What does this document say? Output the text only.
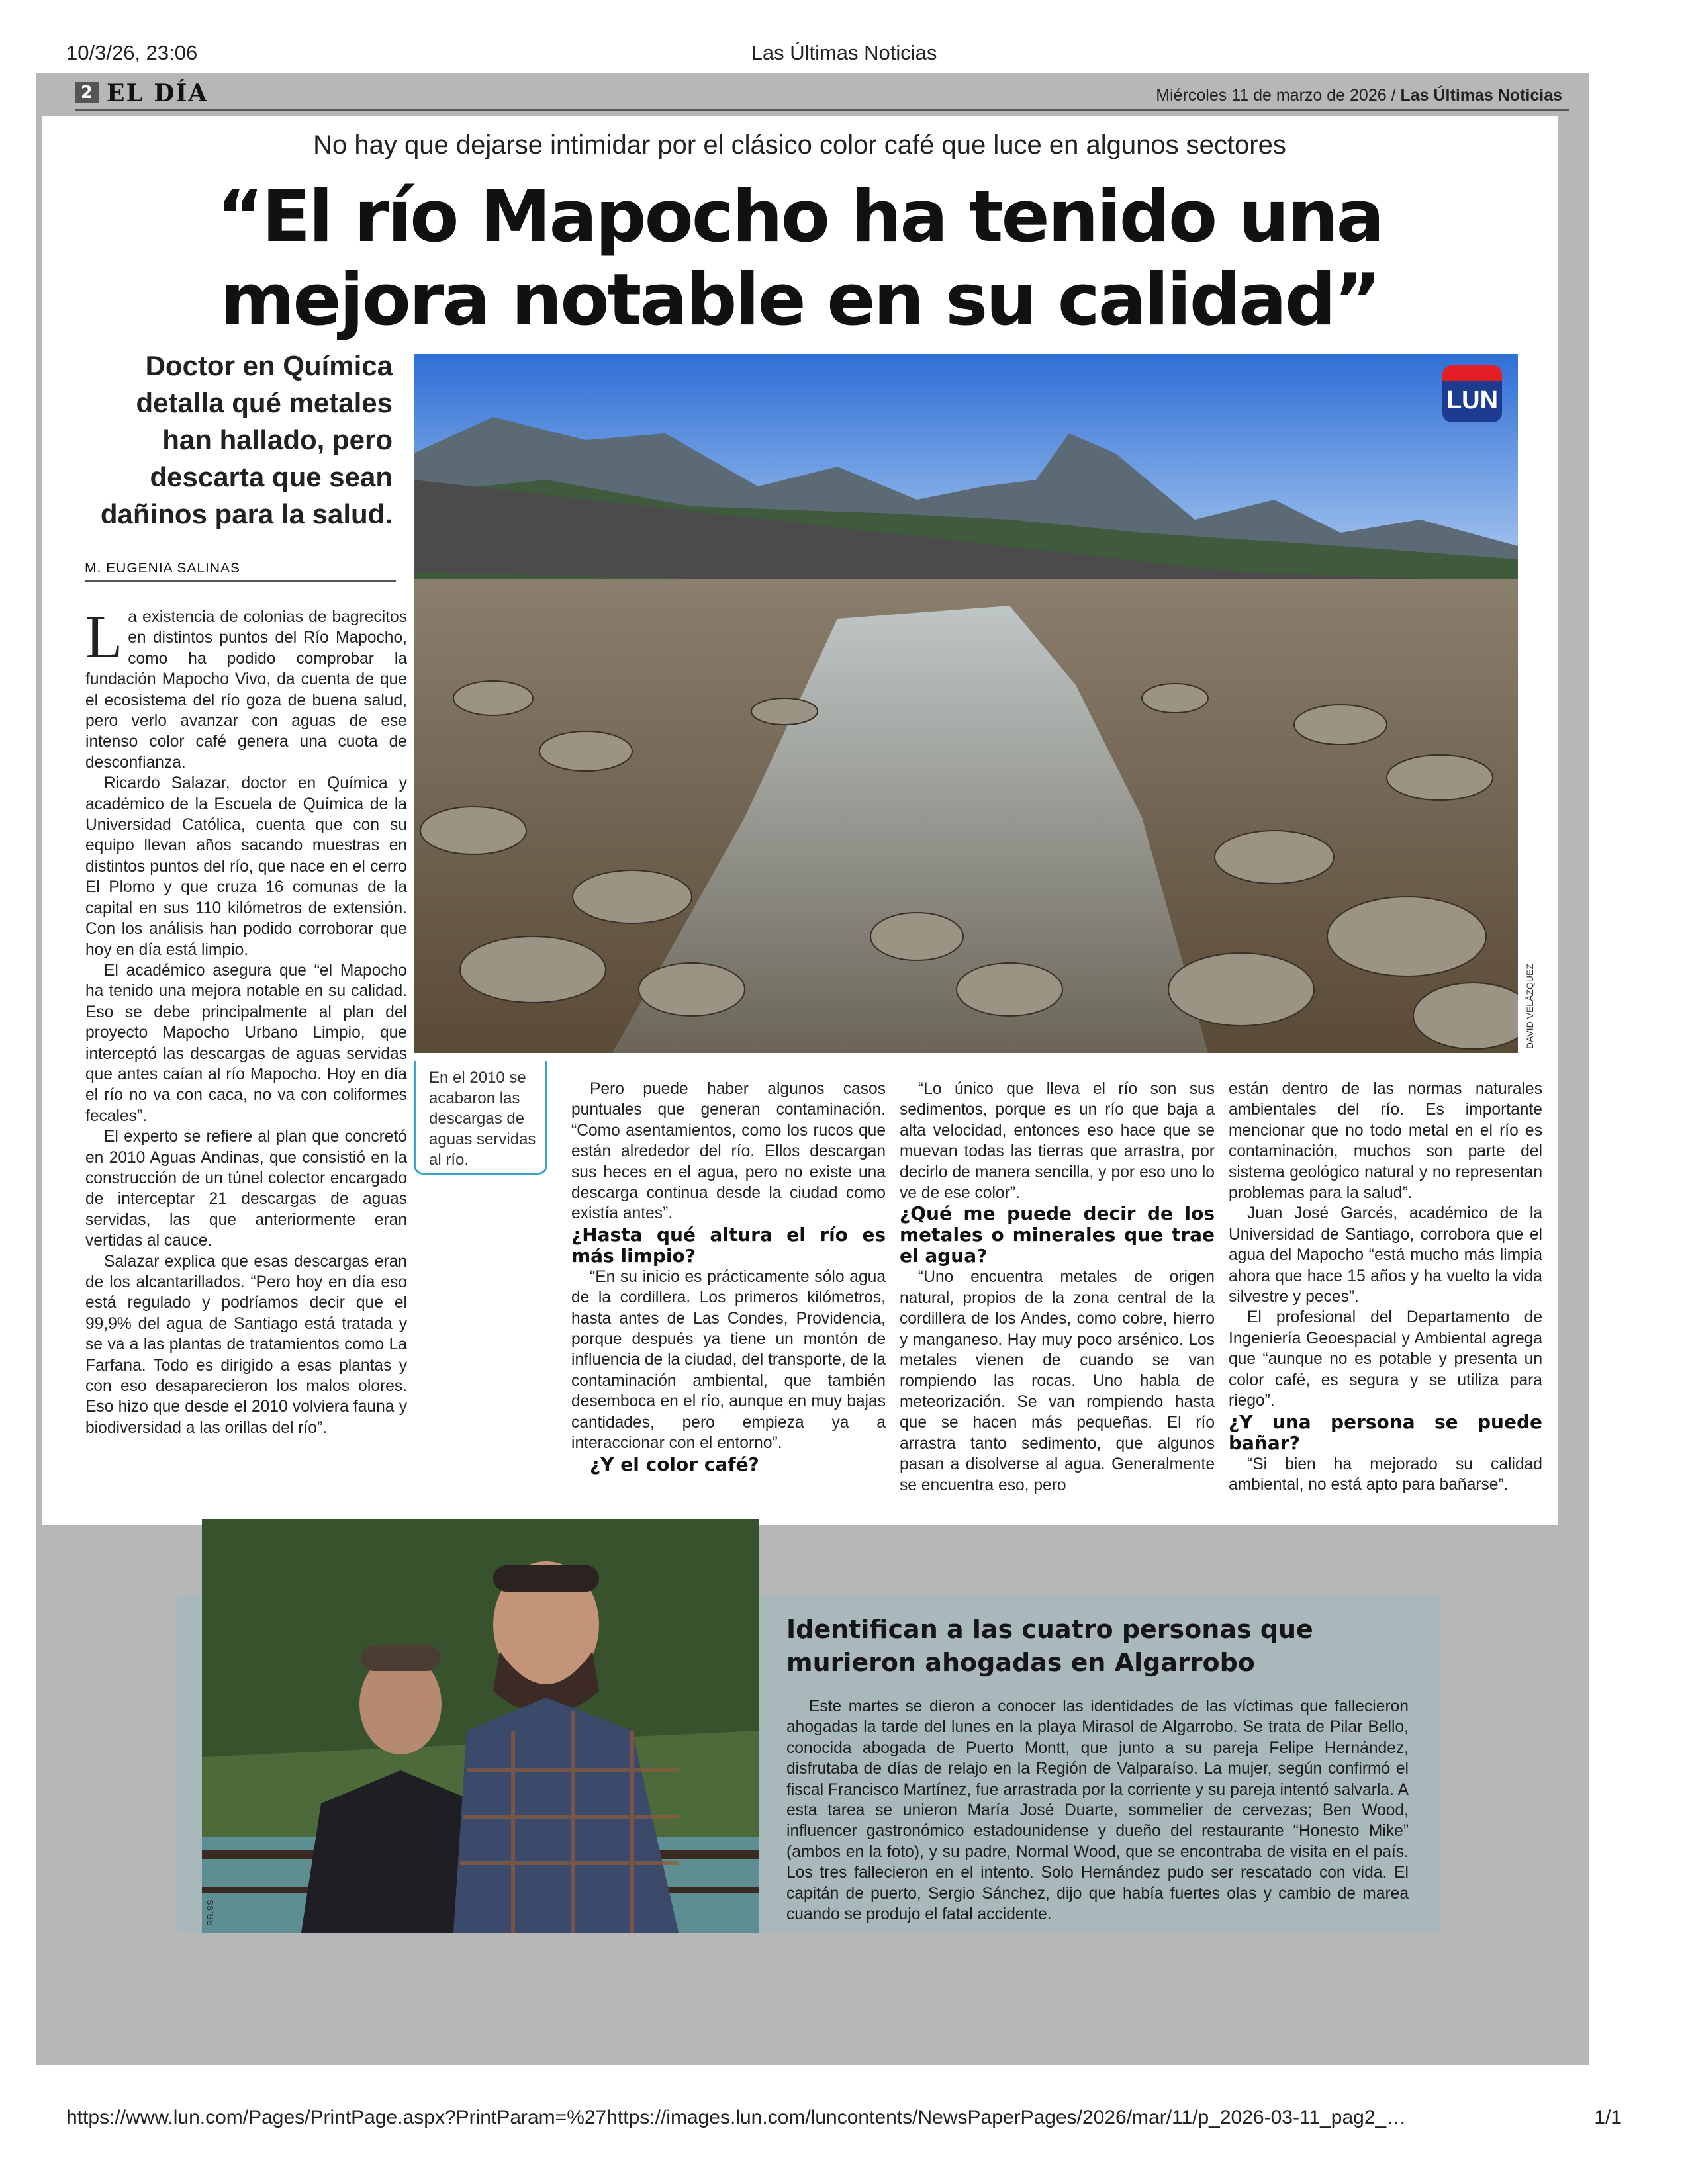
10/3/26, 23:06	Las Últimas Noticias
2 EL DÍA	Miércoles 11 de marzo de 2026 / Las Últimas Noticias
No hay que dejarse intimidar por el clásico color café que luce en algunos sectores
“El río Mapocho ha tenido una mejora notable en su calidad”
Doctor en Química detalla qué metales han hallado, pero descarta que sean dañinos para la salud.
M. EUGENIA SALINAS
LUN
DAVID VELÁZQUEZ
En el 2010 se acabaron las descargas de aguas servidas al río.

La existencia de colonias de bagrecitos en distintos puntos del Río Mapocho, como ha podido comprobar la fundación Mapocho Vivo, da cuenta de que el ecosistema del río goza de buena salud, pero verlo avanzar con aguas de ese intenso color café genera una cuota de desconfianza.

Ricardo Salazar, doctor en Química y académico de la Escuela de Química de la Universidad Católica, cuenta que con su equipo llevan años sacando muestras en distintos puntos del río, que nace en el cerro El Plomo y que cruza 16 comunas de la capital en sus 110 kilómetros de extensión. Con los análisis han podido corroborar que hoy en día está limpio.

El académico asegura que “el Mapocho ha tenido una mejora notable en su calidad. Eso se debe principalmente al plan del proyecto Mapocho Urbano Limpio, que interceptó las descargas de aguas servidas que antes caían al río Mapocho. Hoy en día el río no va con caca, no va con coliformes fecales”.

El experto se refiere al plan que concretó en 2010 Aguas Andinas, que consistió en la construcción de un túnel colector encargado de interceptar 21 descargas de aguas servidas, las que anteriormente eran vertidas al cauce.

Salazar explica que esas descargas eran de los alcantarillados. “Pero hoy en día eso está regulado y podríamos decir que el 99,9% del agua de Santiago está tratada y se va a las plantas de tratamientos como La Farfana. Todo es dirigido a esas plantas y con eso desaparecieron los malos olores. Eso hizo que desde el 2010 volviera fauna y biodiversidad a las orillas del río”.

Pero puede haber algunos casos puntuales que generan contaminación. “Como asentamientos, como los rucos que están alrededor del río. Ellos descargan sus heces en el agua, pero no existe una descarga continua desde la ciudad como existía antes”.

¿Hasta qué altura el río es más limpio?

“En su inicio es prácticamente sólo agua de la cordillera. Los primeros kilómetros, hasta antes de Las Condes, Providencia, porque después ya tiene un montón de influencia de la ciudad, del transporte, de la contaminación ambiental, que también desemboca en el río, aunque en muy bajas cantidades, pero empieza ya a interaccionar con el entorno”.

¿Y el color café?

“Lo único que lleva el río son sus sedimentos, porque es un río que baja a alta velocidad, entonces eso hace que se muevan todas las tierras que arrastra, por decirlo de manera sencilla, y por eso uno lo ve de ese color”.

¿Qué me puede decir de los metales o minerales que trae el agua?

“Uno encuentra metales de origen natural, propios de la zona central de la cordillera de los Andes, como cobre, hierro y manganeso. Hay muy poco arsénico. Los metales vienen de cuando se van rompiendo las rocas. Uno habla de meteorización. Se van rompiendo hasta que se hacen más pequeñas. El río arrastra tanto sedimento, que algunos pasan a disolverse al agua. Generalmente se encuentra eso, pero

están dentro de las normas naturales ambientales del río. Es importante mencionar que no todo metal en el río es contaminación, muchos son parte del sistema geológico natural y no representan problemas para la salud”.

Juan José Garcés, académico de la Universidad de Santiago, corrobora que el agua del Mapocho “está mucho más limpia ahora que hace 15 años y ha vuelto la vida silvestre y peces”.

El profesional del Departamento de Ingeniería Geoespacial y Ambiental agrega que “aunque no es potable y presenta un color café, es segura y se utiliza para riego”.

¿Y una persona se puede bañar?

“Si bien ha mejorado su calidad ambiental, no está apto para bañarse”.

RR.SS
Identifican a las cuatro personas que murieron ahogadas en Algarrobo

Este martes se dieron a conocer las identidades de las víctimas que fallecieron ahogadas la tarde del lunes en la playa Mirasol de Algarrobo. Se trata de Pilar Bello, conocida abogada de Puerto Montt, que junto a su pareja Felipe Hernández, disfrutaba de días de relajo en la Región de Valparaíso. La mujer, según confirmó el fiscal Francisco Martínez, fue arrastrada por la corriente y su pareja intentó salvarla. A esta tarea se unieron María José Duarte, sommelier de cervezas; Ben Wood, influencer gastronómico estadounidense y dueño del restaurante “Honesto Mike” (ambos en la foto), y su padre, Normal Wood, que se encontraba de visita en el país. Los tres fallecieron en el intento. Solo Hernández pudo ser rescatado con vida. El capitán de puerto, Sergio Sánchez, dijo que había fuertes olas y cambio de marea cuando se produjo el fatal accidente.

https://www.lun.com/Pages/PrintPage.aspx?PrintParam=%27https://images.lun.com/luncontents/NewsPaperPages/2026/mar/11/p_2026-03-11_pag2_…	1/1
